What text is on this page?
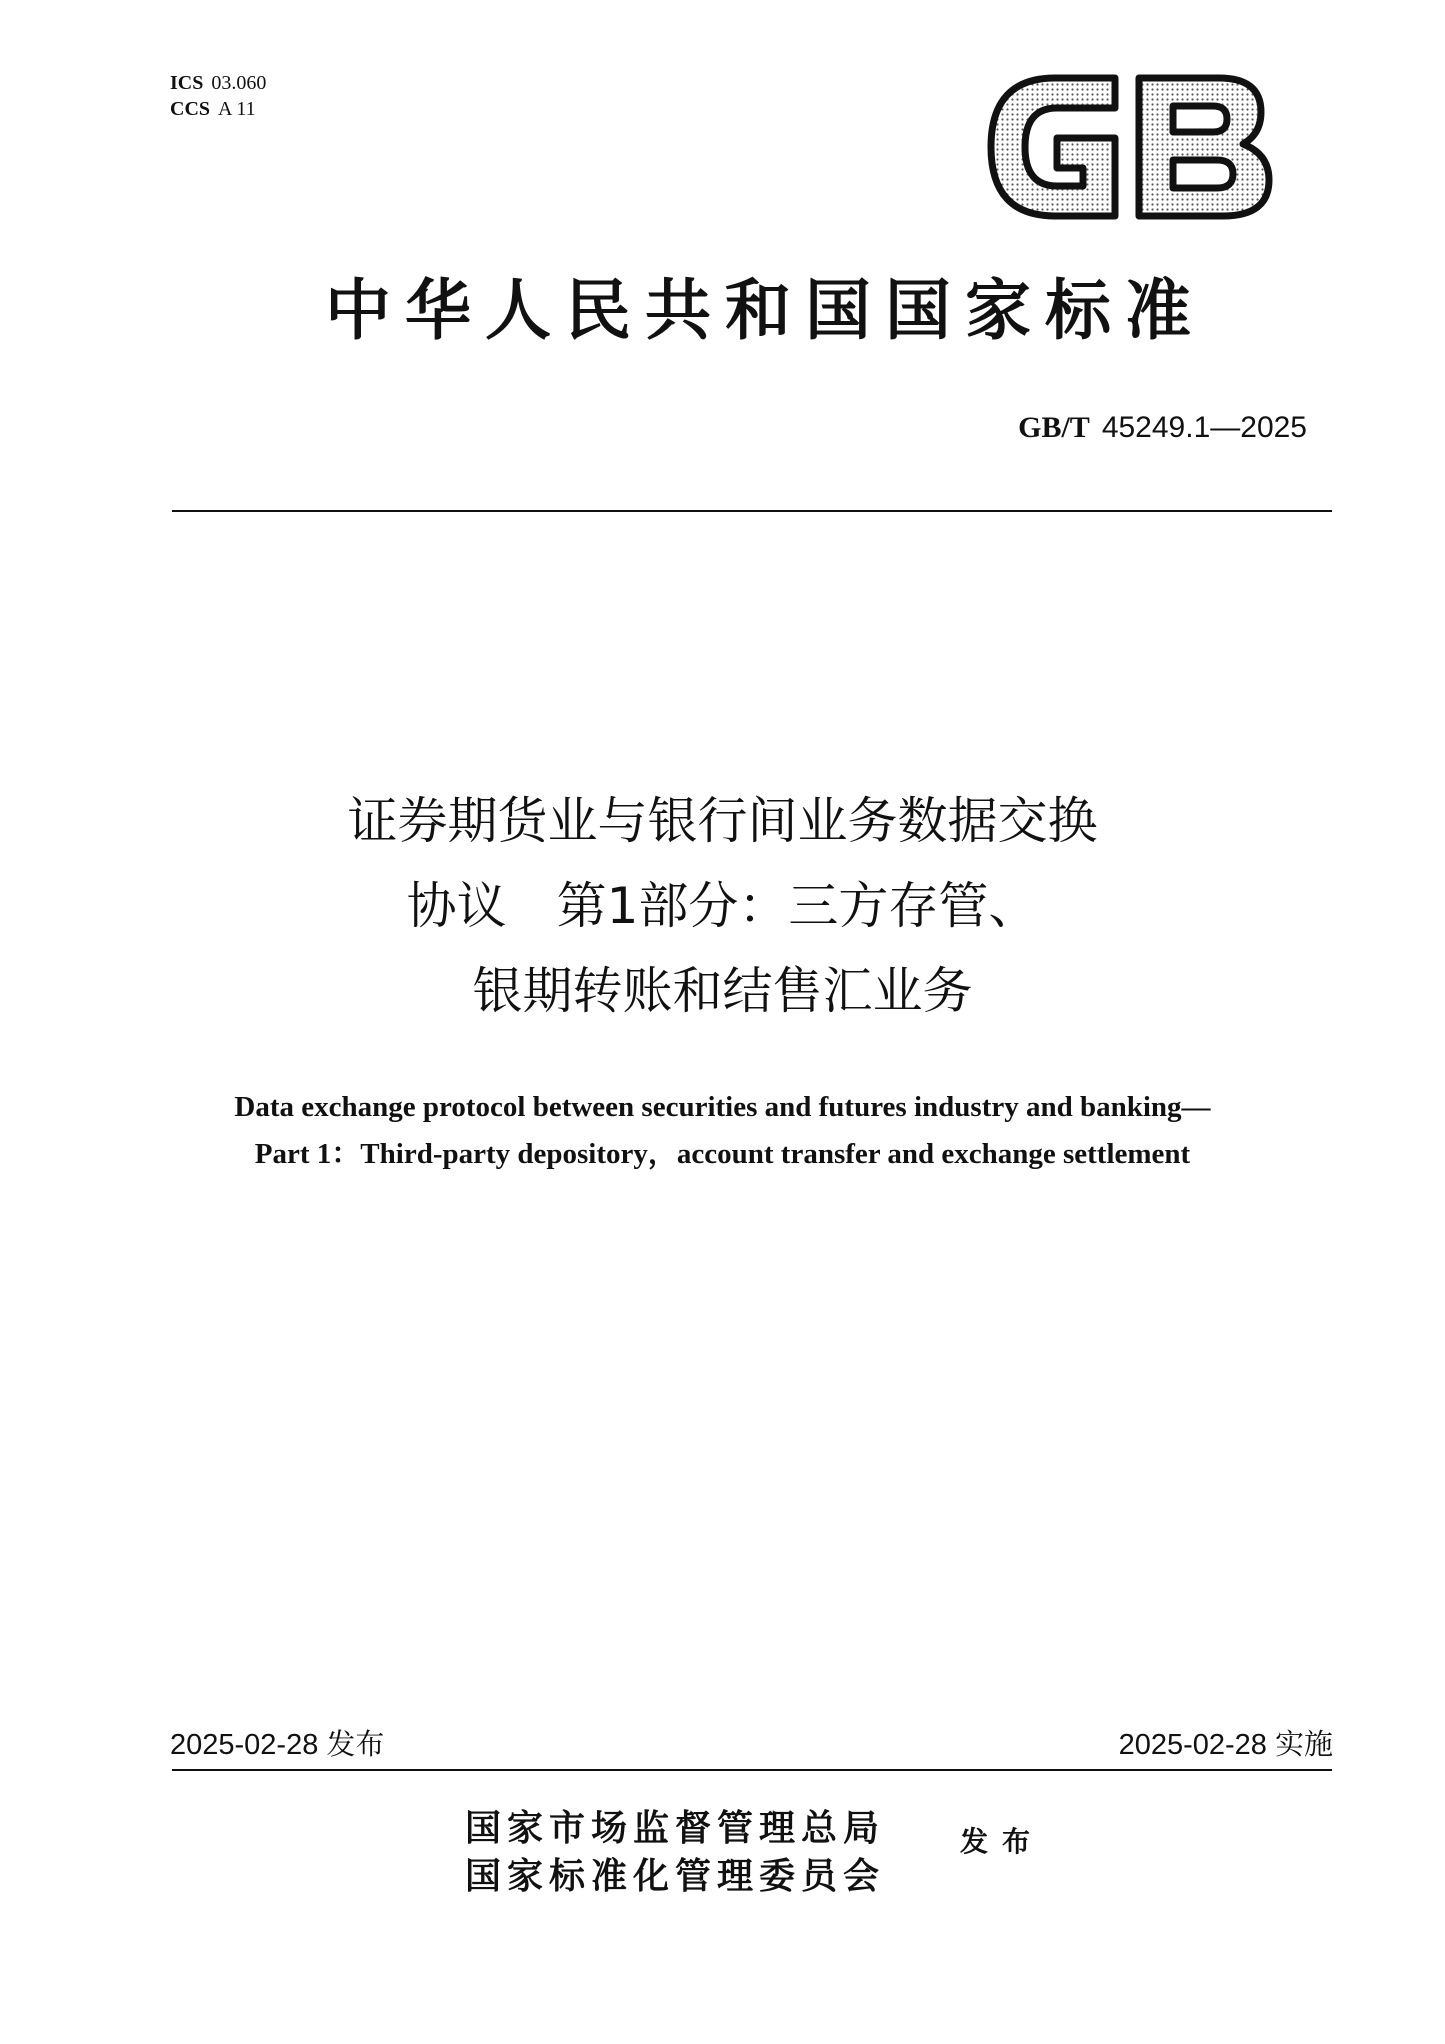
ICS 03.060
CCS A 11
中华人民共和国国家标准
GB/T 45249.1—2025
证券期货业与银行间业务数据交换
协议　第1部分：三方存管、
银期转账和结售汇业务
Data exchange protocol between securities and futures industry and banking—
Part 1：Third-party depository，account transfer and exchange settlement
2025-02-28 发布	2025-02-28 实施
国家市场监督管理总局
国家标准化管理委员会
发布
